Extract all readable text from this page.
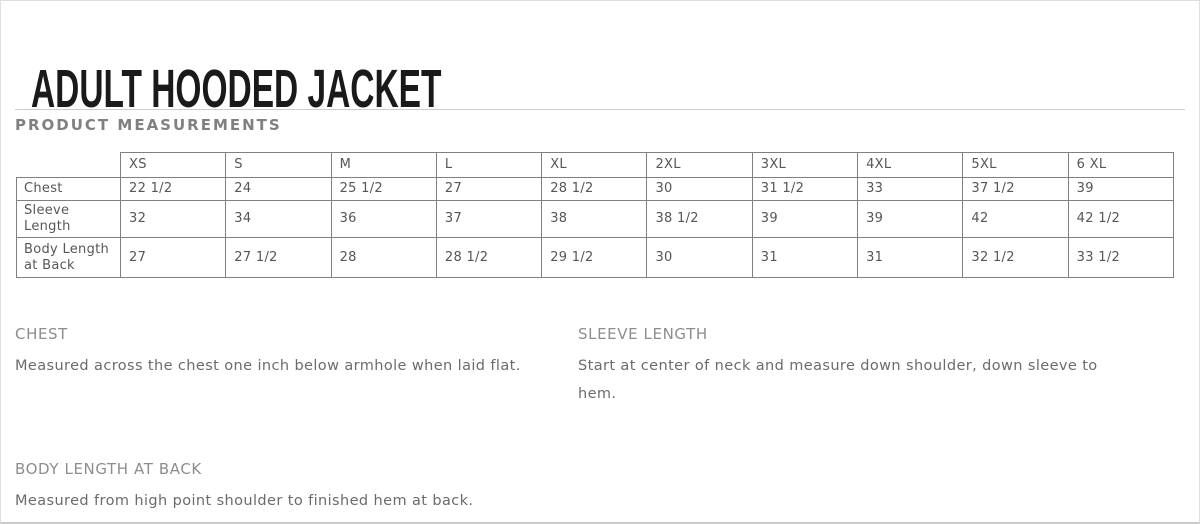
ADULT HOODED JACKET
PRODUCT MEASUREMENTS
	XS	S	M	L	XL	2XL	3XL	4XL	5XL	6 XL
Chest	22 1/2	24	25 1/2	27	28 1/2	30	31 1/2	33	37 1/2	39
Sleeve Length	32	34	36	37	38	38 1/2	39	39	42	42 1/2
Body Length at Back	27	27 1/2	28	28 1/2	29 1/2	30	31	31	32 1/2	33 1/2
CHEST

Measured across the chest one inch below armhole when laid flat.

SLEEVE LENGTH

Start at center of neck and measure down shoulder, down sleeve to hem.

BODY LENGTH AT BACK

Measured from high point shoulder to finished hem at back.
